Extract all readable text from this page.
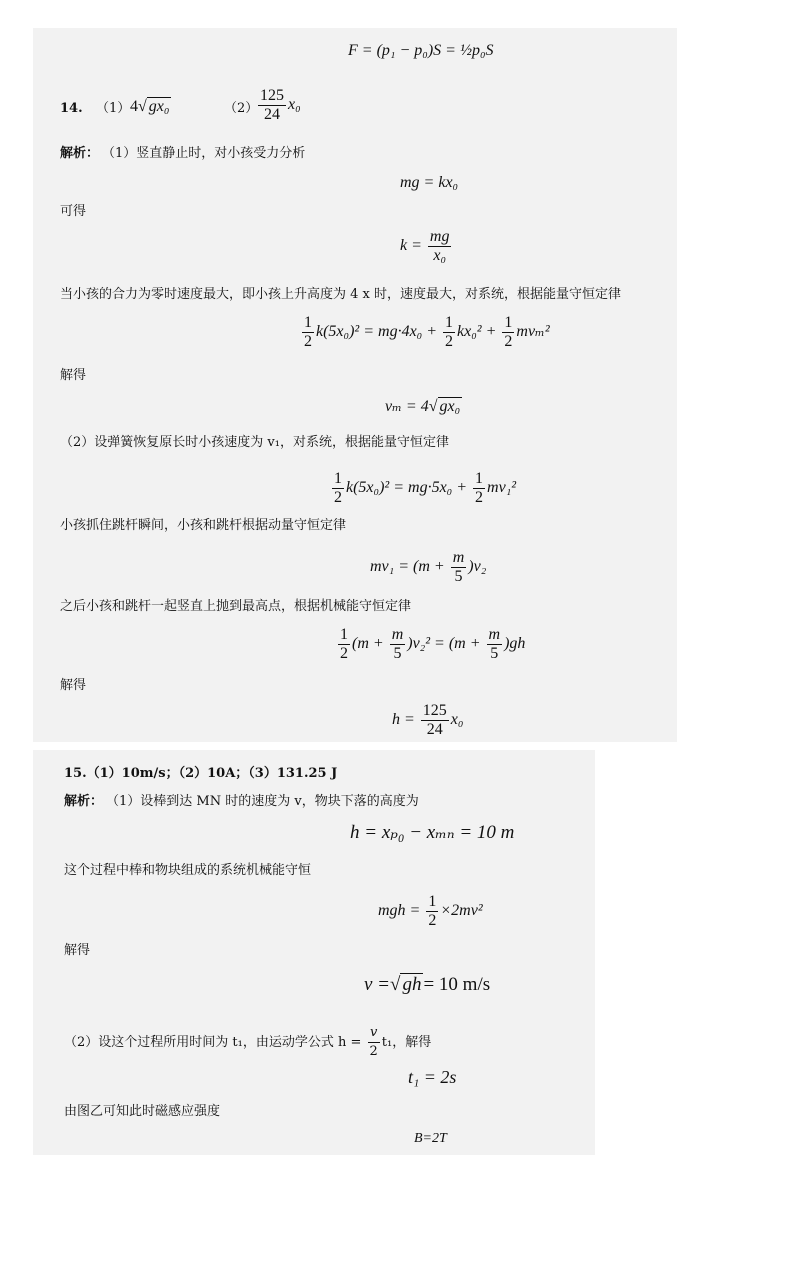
F = (p₁ − p₀)S = ½p₀S
14. （1） 4√ gx₀	$(2) \frac{125}{24} x_0$
解析： （1）竖直静止时，对小孩受力分析
mg = kx₀
可得
$k = \frac{mg}{\text{x₀}}$
当小孩的合力为零时速度最大，即小孩上升高度为 4 x 时，速度最大，对系统，根据能量守恒定律
$\frac{1}{2} k(5x_0)^2 = mg\cdot 4x_0 + \frac{1}{2} kx_0^2 + \frac{1}{2} mv_m^2$
解得
vₘ = 4√ gx₀
（2）设弹簧恢复原长时小孩速度为 v₁，对系统，根据能量守恒定律
$\frac{1}{2} k(5x_0)^2 = mg\cdot 5x_0 + \frac{1}{2} mv_1^2$
小孩抓住跳杆瞬间，小孩和跳杆根据动量守恒定律
$mv_1 = (m + \frac{m}{5} )v_2$
之后小孩和跳杆一起竖直上抛到最高点，根据机械能守恒定律
$\frac{1}{2} (m + \frac{m}{5} )v_2^2 = (m + \frac{m}{5} )gh$
解得
$h = \frac{125}{24} x_0$
15.（1）10m/s；（2）10A；（3）131.25 J
解析： （1）设棒到达 MN 时的速度为 v，物块下落的高度为
h = xₚ₀ − xₘₙ = 10 m
这个过程中棒和物块组成的系统机械能守恒
mgh = $\frac{1}{2} \times 2mv^2$
解得
v =√ gh = 10 m/s
（2）设这个过程所用时间为 t₁，由运动学公式 $h = \frac{v}{2} t_1$，解得
t₁ = 2s
由图乙可知此时磁感应强度
B=2T
